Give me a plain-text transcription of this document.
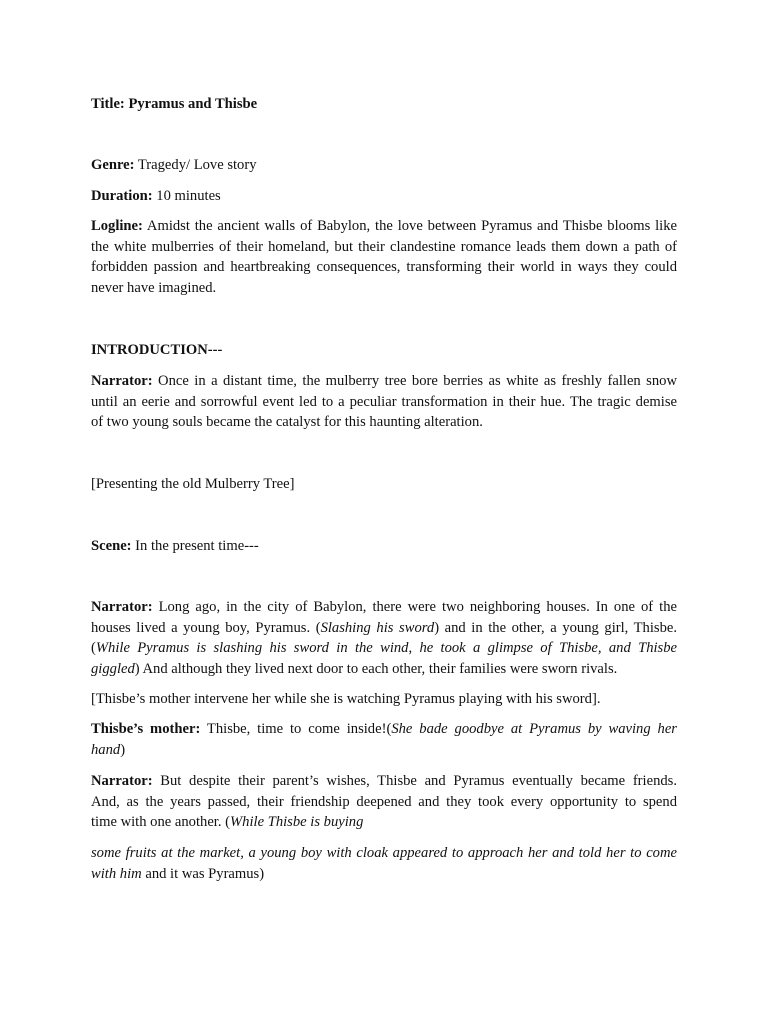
Title: Pyramus and Thisbe

Genre: Tragedy/ Love story

Duration: 10 minutes

Logline: Amidst the ancient walls of Babylon, the love between Pyramus and Thisbe blooms like
the white mulberries of their homeland, but their clandestine romance leads them down a path of
forbidden passion and heartbreaking consequences, transforming their world in ways they could
never have imagined.

INTRODUCTION---

Narrator: Once in a distant time, the mulberry tree bore berries as white as freshly fallen snow
until an eerie and sorrowful event led to a peculiar transformation in their hue. The tragic demise
of two young souls became the catalyst for this haunting alteration.

[Presenting the old Mulberry Tree]

Scene: In the present time---

Narrator: Long ago, in the city of Babylon, there were two neighboring houses. In one of the
houses lived a young boy, Pyramus. (Slashing his sword) and in the other, a young girl, Thisbe.
(While Pyramus is slashing his sword in the wind, he took a glimpse of Thisbe, and Thisbe
giggled) And although they lived next door to each other, their families were sworn rivals.

[Thisbe’s mother intervene her while she is watching Pyramus playing with his sword].

Thisbe’s mother: Thisbe, time to come inside!(She bade goodbye at Pyramus by waving her
hand)
Narrator: But despite their parent’s wishes, Thisbe and Pyramus eventually became friends.
And, as the years passed, their friendship deepened and they took every opportunity to spend
time with one another. (While Thisbe is buying
some fruits at the market, a young boy with cloak appeared to approach her and told her to come
with him and it was Pyramus)
